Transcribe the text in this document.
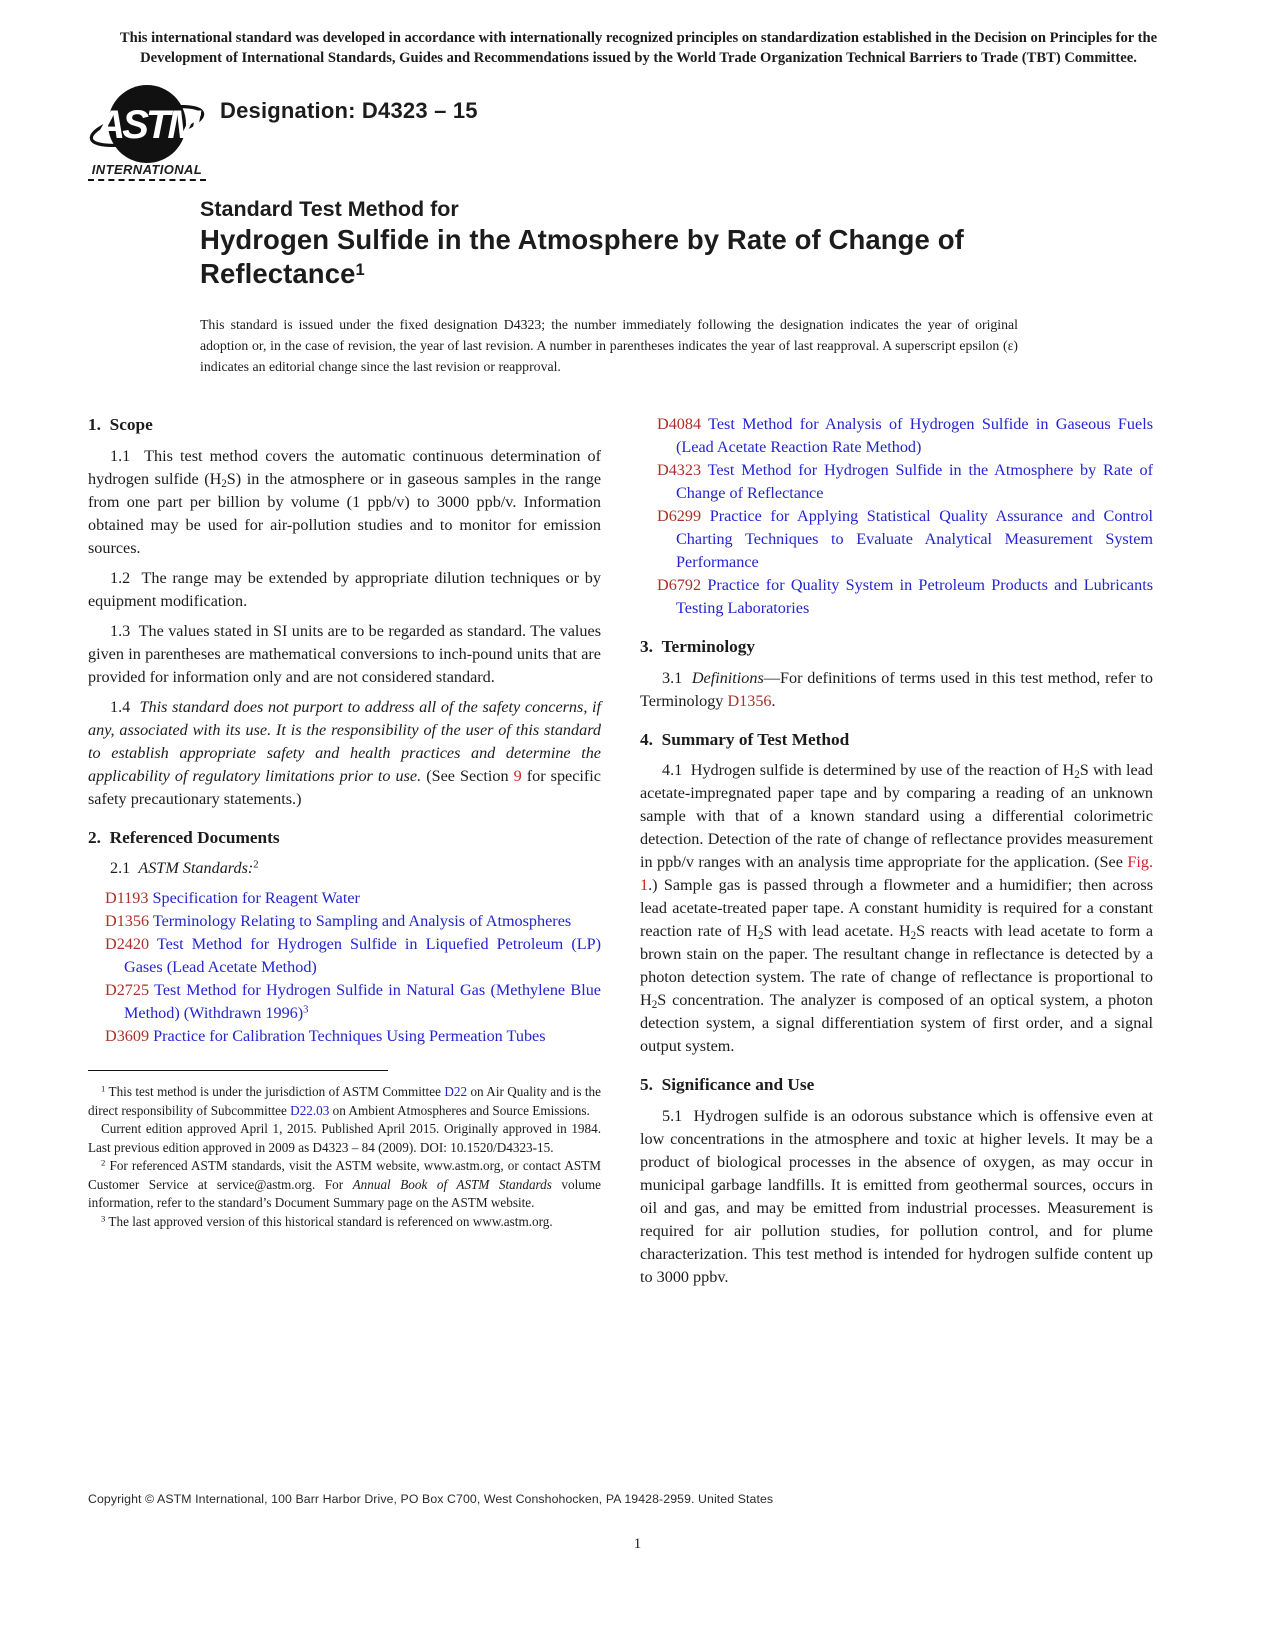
This international standard was developed in accordance with internationally recognized principles on standardization established in the Decision on Principles for the Development of International Standards, Guides and Recommendations issued by the World Trade Organization Technical Barriers to Trade (TBT) Committee.

ASTM
INTERNATIONAL
Designation: D4323 – 15

Standard Test Method for

Hydrogen Sulfide in the Atmosphere by Rate of Change of Reflectance$^1$

This standard is issued under the fixed designation D4323; the number immediately following the designation indicates the year of original adoption or, in the case of revision, the year of last revision. A number in parentheses indicates the year of last reapproval. A superscript epsilon (ε) indicates an editorial change since the last revision or reapproval.

1.  Scope

1.1  This test method covers the automatic continuous determination of hydrogen sulfide $(H_2S)$ in the atmosphere or in gaseous samples in the range from one part per billion by volume (1 ppb/v) to 3000 ppb/v. Information obtained may be used for air-pollution studies and to monitor for emission sources.

1.2  The range may be extended by appropriate dilution techniques or by equipment modification.

1.3  The values stated in SI units are to be regarded as standard. The values given in parentheses are mathematical conversions to inch-pound units that are provided for information only and are not considered standard.

1.4  This standard does not purport to address all of the safety concerns, if any, associated with its use. It is the responsibility of the user of this standard to establish appropriate safety and health practices and determine the applicability of regulatory limitations prior to use. (See Section 9 for specific safety precautionary statements.)

2.  Referenced Documents

2.1  ASTM Standards:$^2$

D1193 Specification for Reagent Water

D1356 Terminology Relating to Sampling and Analysis of Atmospheres

D2420 Test Method for Hydrogen Sulfide in Liquefied Petroleum (LP) Gases (Lead Acetate Method)

D2725 Test Method for Hydrogen Sulfide in Natural Gas (Methylene Blue Method) (Withdrawn 1996)$^3$

D3609 Practice for Calibration Techniques Using Permeation Tubes

$^1$ This test method is under the jurisdiction of ASTM Committee D22 on Air Quality and is the direct responsibility of Subcommittee D22.03 on Ambient Atmospheres and Source Emissions.

Current edition approved April 1, 2015. Published April 2015. Originally approved in 1984. Last previous edition approved in 2009 as D4323 – 84 (2009). DOI: 10.1520/D4323-15.

$^2$ For referenced ASTM standards, visit the ASTM website, www.astm.org, or contact ASTM Customer Service at service@astm.org. For Annual Book of ASTM Standards volume information, refer to the standard’s Document Summary page on the ASTM website.

$^3$ The last approved version of this historical standard is referenced on www.astm.org.

D4084 Test Method for Analysis of Hydrogen Sulfide in Gaseous Fuels (Lead Acetate Reaction Rate Method)

D4323 Test Method for Hydrogen Sulfide in the Atmosphere by Rate of Change of Reflectance

D6299 Practice for Applying Statistical Quality Assurance and Control Charting Techniques to Evaluate Analytical Measurement System Performance

D6792 Practice for Quality System in Petroleum Products and Lubricants Testing Laboratories

3.  Terminology

3.1  Definitions—For definitions of terms used in this test method, refer to Terminology D1356.

4.  Summary of Test Method

4.1  Hydrogen sulfide is determined by use of the reaction of $H_2S$ with lead acetate-impregnated paper tape and by comparing a reading of an unknown sample with that of a known standard using a differential colorimetric detection. Detection of the rate of change of reflectance provides measurement in ppb/v ranges with an analysis time appropriate for the application. (See Fig. 1.) Sample gas is passed through a flowmeter and a humidifier; then across lead acetate-treated paper tape. A constant humidity is required for a constant reaction rate of $H_2S$ with lead acetate. $H_2S$ reacts with lead acetate to form a brown stain on the paper. The resultant change in reflectance is detected by a photon detection system. The rate of change of reflectance is proportional to $H_2S$ concentration. The analyzer is composed of an optical system, a photon detection system, a signal differentiation system of first order, and a signal output system.

5.  Significance and Use

5.1  Hydrogen sulfide is an odorous substance which is offensive even at low concentrations in the atmosphere and toxic at higher levels. It may be a product of biological processes in the absence of oxygen, as may occur in municipal garbage landfills. It is emitted from geothermal sources, occurs in oil and gas, and may be emitted from industrial processes. Measurement is required for air pollution studies, for pollution control, and for plume characterization. This test method is intended for hydrogen sulfide content up to 3000 ppbv.

Copyright © ASTM International, 100 Barr Harbor Drive, PO Box C700, West Conshohocken, PA 19428-2959. United States
1
